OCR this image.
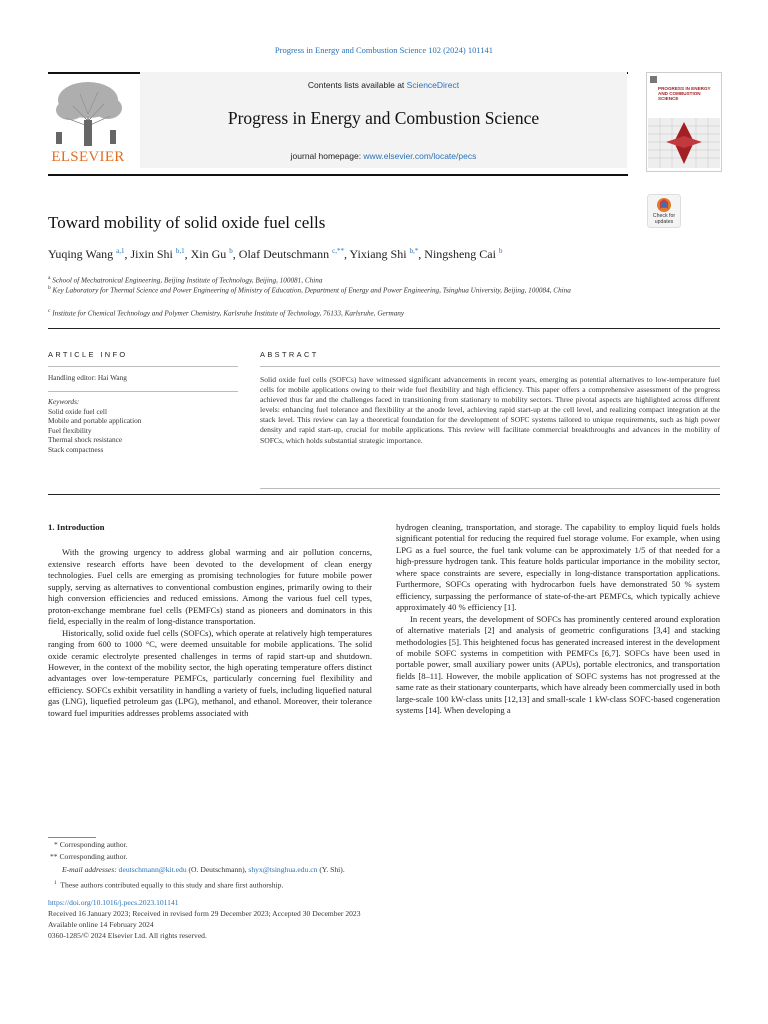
Progress in Energy and Combustion Science 102 (2024) 101141
ELSEVIER
Contents lists available at ScienceDirect
Progress in Energy and Combustion Science
journal homepage: www.elsevier.com/locate/pecs
PROGRESS IN ENERGY AND COMBUSTION SCIENCE
Check for updates
Toward mobility of solid oxide fuel cells
Yuqing Wang $^{a,1}$, Jixin Shi $^{b,1}$, Xin Gu $^b$, Olaf Deutschmann $^{c,**}$, Yixiang Shi $^{b,*}$, Ningsheng Cai $^b$
$^a$ School of Mechatronical Engineering, Beijing Institute of Technology, Beijing, 100081, China
$^b$ Key Laboratory for Thermal Science and Power Engineering of Ministry of Education, Department of Energy and Power Engineering, Tsinghua University, Beijing, 100084, China
$^c$ Institute for Chemical Technology and Polymer Chemistry, Karlsruhe Institute of Technology, 76133, Karlsruhe, Germany
ARTICLE INFO
Handling editor: Hai Wang
Keywords:
Solid oxide fuel cell
Mobile and portable application
Fuel flexibility
Thermal shock resistance
Stack compactness
ABSTRACT
Solid oxide fuel cells (SOFCs) have witnessed significant advancements in recent years, emerging as potential alternatives to low-temperature fuel cells for mobile applications owing to their wide fuel flexibility and high efficiency. This paper offers a comprehensive assessment of the progress achieved thus far and the challenges faced in transitioning from stationary to mobility sectors. Three pivotal aspects are highlighted across different levels: enhancing fuel tolerance and flexibility at the anode level, achieving rapid start-up at the cell level, and realizing compact integration at the stack level. This review can lay a theoretical foundation for the development of SOFC systems tailored to unique requirements, such as high power density and rapid start-up, crucial for mobile applications. This review will facilitate commercial breakthroughs and advances in the mobility of SOFCs, which holds substantial strategic importance.
1. Introduction

With the growing urgency to address global warming and air pollution concerns, extensive research efforts have been devoted to the development of clean energy technologies. Fuel cells are emerging as promising technologies for future mobile power supply, serving as alternatives to conventional combustion engines, primarily owing to their high conversion efficiencies and reduced emissions. Among the various fuel cell types, proton-exchange membrane fuel cells (PEMFCs) stand as pioneers and dominators in this field, especially in the realm of long-distance transportation.

Historically, solid oxide fuel cells (SOFCs), which operate at relatively high temperatures ranging from 600 to 1000 °C, were deemed unsuitable for mobile applications. The solid oxide ceramic electrolyte presented challenges in terms of rapid start-up and shutdown. However, in the context of the mobility sector, the high operating temperature offers distinct advantages over low-temperature PEMFCs, particularly concerning fuel flexibility and efficiency. SOFCs exhibit versatility in handling a variety of fuels, including liquefied natural gas (LNG), liquefied petroleum gas (LPG), methanol, and ethanol. Moreover, their tolerance toward fuel impurities addresses problems associated with

hydrogen cleaning, transportation, and storage. The capability to employ liquid fuels holds significant potential for reducing the required fuel storage volume. For example, when using LPG as a fuel source, the fuel tank volume can be approximately 1/5 of that needed for a high-pressure hydrogen tank. This feature holds particular importance in the mobility sector, where space constraints are severe, especially in long-distance transportation applications. Furthermore, SOFCs operating with hydrocarbon fuels have demonstrated 50 % system efficiency, surpassing the performance of state-of-the-art PEMFCs, which typically achieve approximately 40 % efficiency [1].

In recent years, the development of SOFCs has prominently centered around exploration of alternative materials [2] and analysis of geometric configurations [3,4] and stacking methodologies [5]. This heightened focus has generated increased interest in the development of mobile SOFC systems in competition with PEMFCs [6,7]. SOFCs have been used in portable power, small auxiliary power units (APUs), portable electronics, and transportation fields [8–11]. However, the mobile application of SOFC systems has not progressed at the same rate as their stationary counterparts, which have already been commercially used in both large-scale 100 kW-class units [12,13] and small-scale 1 kW-class SOFC-based cogeneration systems [14]. When developing a

* Corresponding author.
** Corresponding author.
E-mail addresses: deutschmann@kit.edu (O. Deutschmann), shyx@tsinghua.edu.cn (Y. Shi).
$^1$ These authors contributed equally to this study and share first authorship.
https://doi.org/10.1016/j.pecs.2023.101141
Received 16 January 2023; Received in revised form 29 December 2023; Accepted 30 December 2023
Available online 14 February 2024
0360-1285/© 2024 Elsevier Ltd. All rights reserved.
